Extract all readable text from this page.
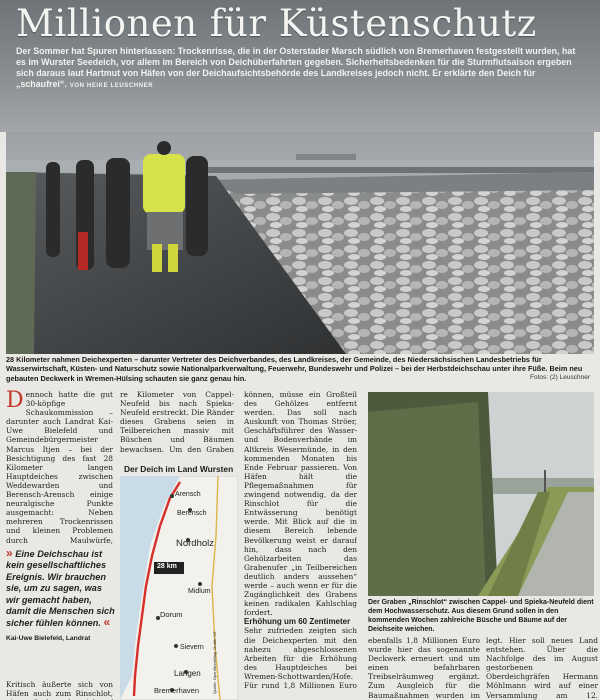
Millionen für Küstenschutz
Der Sommer hat Spuren hinterlassen: Trockenrisse, die in der Osterstader Marsch südlich von Bremerhaven festgestellt wurden, hat es im Wurster Seedeich, vor allem im Bereich von Deichüberfahrten gegeben. Sicherheitsbedenken für die Sturmflutsaison ergeben sich daraus laut Hartmut von Häfen von der Deichaufsichtsbehörde des Landkreises jedoch nicht. Er erklärte den Deich für „schaufrei“. VON HEIKE LEUSCHNER
28 Kilometer nahmen Deichexperten – darunter Vertreter des Deichverbandes, des Landkreises, der Gemeinde, des Niedersächsischen Landesbetriebs für Wasserwirtschaft, Küsten- und Naturschutz sowie Nationalparkverwaltung, Feuerwehr, Bundeswehr und Polizei – bei der Herbstdeichschau unter ihre Füße. Beim neu gebauten Deckwerk in Wremen-Hülsing schauten sie ganz genau hin.	Fotos: (2) Leuschner

Dennoch hatte die gut 30-köpfige Schaukommission – darunter auch Landrat Kai-Uwe Bielefeld und Gemeindebürgermeister Marcus Itjen – bei der Besichtigung des fast 28 Kilometer langen Hauptdeiches zwischen Weddewarden und Berensch-Arensch einige neuralgische Punkte ausgemacht: Neben mehreren Trockenrissen und kleinen Problemen durch Maulwürfe,

» Eine Deichschau ist kein gesellschaftliches Ereignis. Wir brauchen sie, um zu sagen, was wir gemacht haben, damit die Menschen sich sicher fühlen können. «
Kai-Uwe Bielefeld, Landrat

Kritisch äußerte sich von Häfen auch zum Rinschlot,

re Kilometer von Cappel-Neufeld bis nach Spieka-Neufeld erstreckt. Die Ränder dieses Grabens seien in Teilbereichen massiv mit Büschen und Bäumen bewachsen. Um den Graben

Der Deich im Land Wursten
Arensch
Berensch
Nordholz
28 km
Midlum
Dorum
Sievern
Langen
Bremerhaven	Quelle: OpenStreetMap; Grafik: NZ

können, müsse ein Großteil des Gehölzes entfernt werden. Das soll nach Auskunft von Thomas Ströer, Geschäftsführer des Wasser- und Bodenverbände im Altkreis Wesermünde, in den kommenden Monaten bis Ende Februar passieren. Von Häfen hält die Pflegemaßnahmen für zwingend notwendig, da der Rinschlot für die Entwässerung benötigt werde. Mit Blick auf die in diesem Bereich lebende Bevölkerung weist er darauf hin, dass nach den Gehölzarbeiten das Grabenufer „in Teilbereichen deutlich anders aussehen“ werde – auch wenn er für die Zugänglichkeit des Grabens keinen radikalen Kahlschlag fordert.

Erhöhung um 60 Zentimeter

Sehr zufrieden zeigten sich die Deichexperten mit den nahezu abgeschlossenen Arbeiten für die Erhöhung des Hauptdeiches bei Wremen-Schottwarden/Hofe. Für rund 1,8 Millionen Euro

Der Graben „Rinschlot“ zwischen Cappel- und Spieka-Neufeld dient dem Hochwasserschutz. Aus diesem Grund sollen in den kommenden Wochen zahlreiche Büsche und Bäume auf der Deichseite weichen.

ebenfalls 1,8 Millionen Euro wurde hier das sogenannte Deckwerk erneuert und um einen befahrbaren Treibselräumweg ergänzt. Zum Ausgleich für die Baumaßnahmen wurden im

legt. Hier soll neues Land entstehen. Über die Nachfolge des im August gestorbenen Oberdeichgräfen Hermann Möhlmann wird auf einer Versammlung am 12.
